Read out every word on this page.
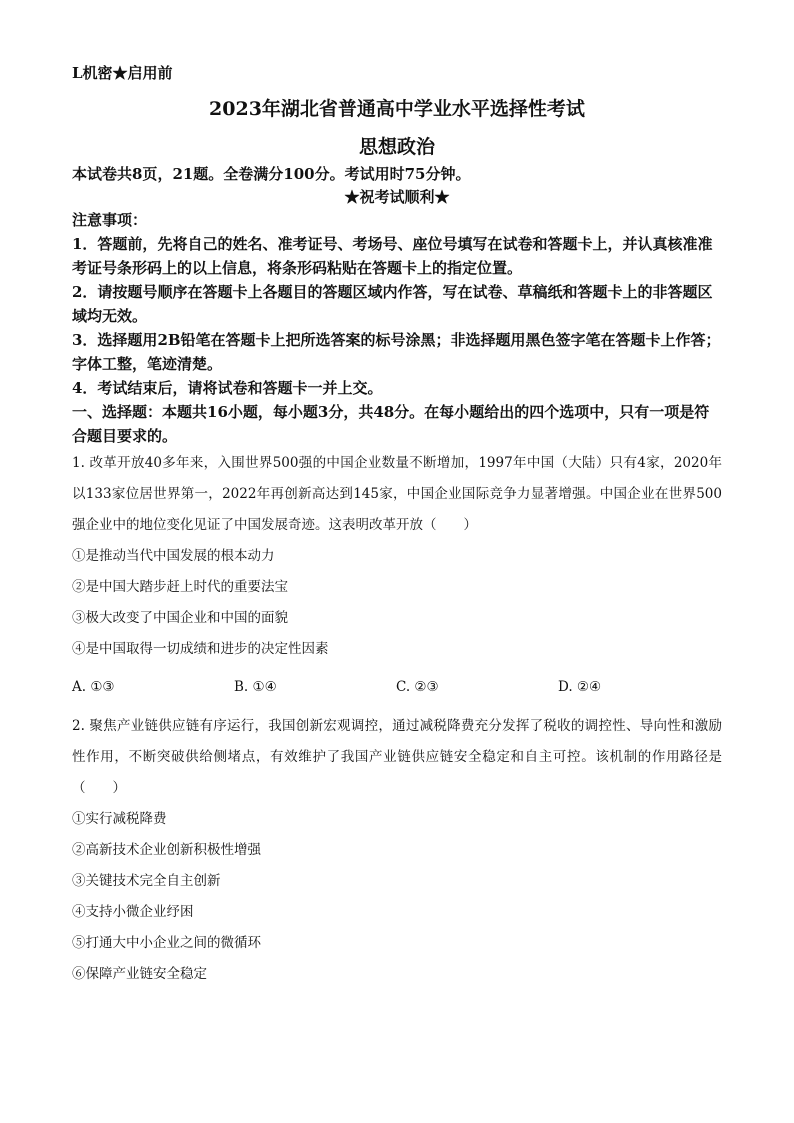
L机密★启用前

2023年湖北省普通高中学业水平选择性考试

思想政治

本试卷共8页，21题。全卷满分100分。考试用时75分钟。

★祝考试顺利★

注意事项：

1．答题前，先将自己的姓名、准考证号、考场号、座位号填写在试卷和答题卡上，并认真核准准考证号条形码上的以上信息，将条形码粘贴在答题卡上的指定位置。

2．请按题号顺序在答题卡上各题目的答题区域内作答，写在试卷、草稿纸和答题卡上的非答题区域均无效。

3．选择题用2B铅笔在答题卡上把所选答案的标号涂黑；非选择题用黑色签字笔在答题卡上作答；字体工整，笔迹清楚。

4．考试结束后，请将试卷和答题卡一并上交。

一、选择题：本题共16小题，每小题3分，共48分。在每小题给出的四个选项中，只有一项是符合题目要求的。

1. 改革开放40多年来，入围世界500强的中国企业数量不断增加，1997年中国（大陆）只有4家，2020年以133家位居世界第一，2022年再创新高达到145家，中国企业国际竞争力显著增强。中国企业在世界500强企业中的地位变化见证了中国发展奇迹。这表明改革开放（　　）

①是推动当代中国发展的根本动力

②是中国大踏步赶上时代的重要法宝

③极大改变了中国企业和中国的面貌

④是中国取得一切成绩和进步的决定性因素

A. ①③	B. ①④	C. ②③	D. ②④

2. 聚焦产业链供应链有序运行，我国创新宏观调控，通过减税降费充分发挥了税收的调控性、导向性和激励性作用，不断突破供给侧堵点，有效维护了我国产业链供应链安全稳定和自主可控。该机制的作用路径是（　　）

①实行减税降费

②高新技术企业创新积极性增强

③关键技术完全自主创新

④支持小微企业纾困

⑤打通大中小企业之间的微循环

⑥保障产业链安全稳定
